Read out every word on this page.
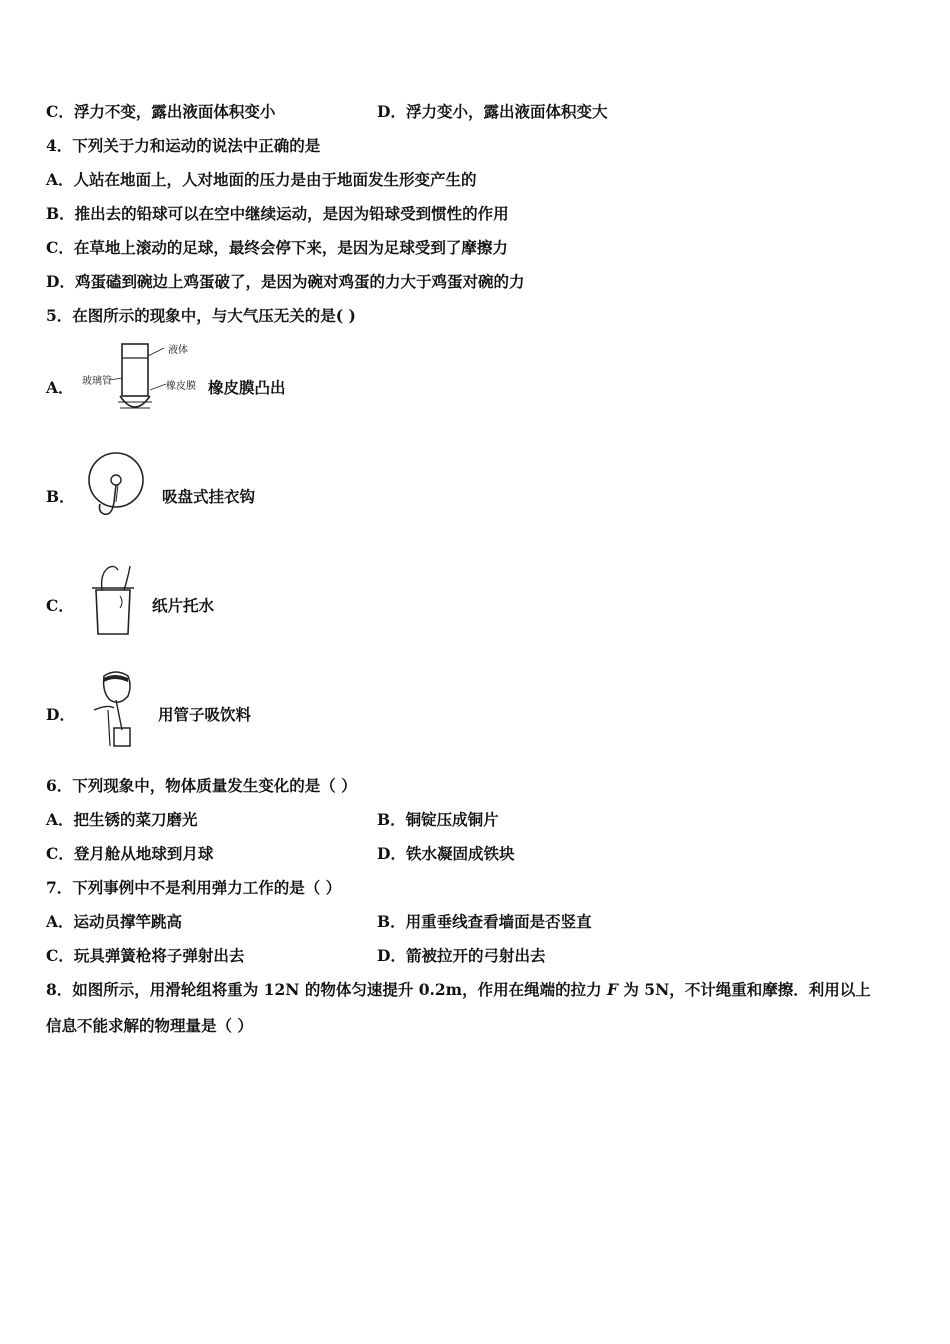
C．浮力不变，露出液面体积变小	D．浮力变小，露出液面体积变大
4．下列关于力和运动的说法中正确的是
A．人站在地面上，人对地面的压力是由于地面发生形变产生的
B．推出去的铅球可以在空中继续运动，是因为铅球受到惯性的作用
C．在草地上滚动的足球，最终会停下来，是因为足球受到了摩擦力
D．鸡蛋磕到碗边上鸡蛋破了，是因为碗对鸡蛋的力大于鸡蛋对碗的力
5．在图所示的现象中，与大气压无关的是( )
A．
液体
玻璃管	橡皮膜 橡皮膜凸出
B．	吸盘式挂衣钩
C．	纸片托水
D．	用管子吸饮料
6．下列现象中，物体质量发生变化的是（ ）
A．把生锈的菜刀磨光	B．铜锭压成铜片
C．登月舱从地球到月球	D．铁水凝固成铁块
7．下列事例中不是利用弹力工作的是（ ）
A．运动员撑竿跳高	B．用重垂线查看墙面是否竖直
C．玩具弹簧枪将子弹射出去	D．箭被拉开的弓射出去
8．如图所示，用滑轮组将重为 12N 的物体匀速提升 0.2m，作用在绳端的拉力 F 为 5N，不计绳重和摩擦．利用以上
信息不能求解的物理量是（ ）
